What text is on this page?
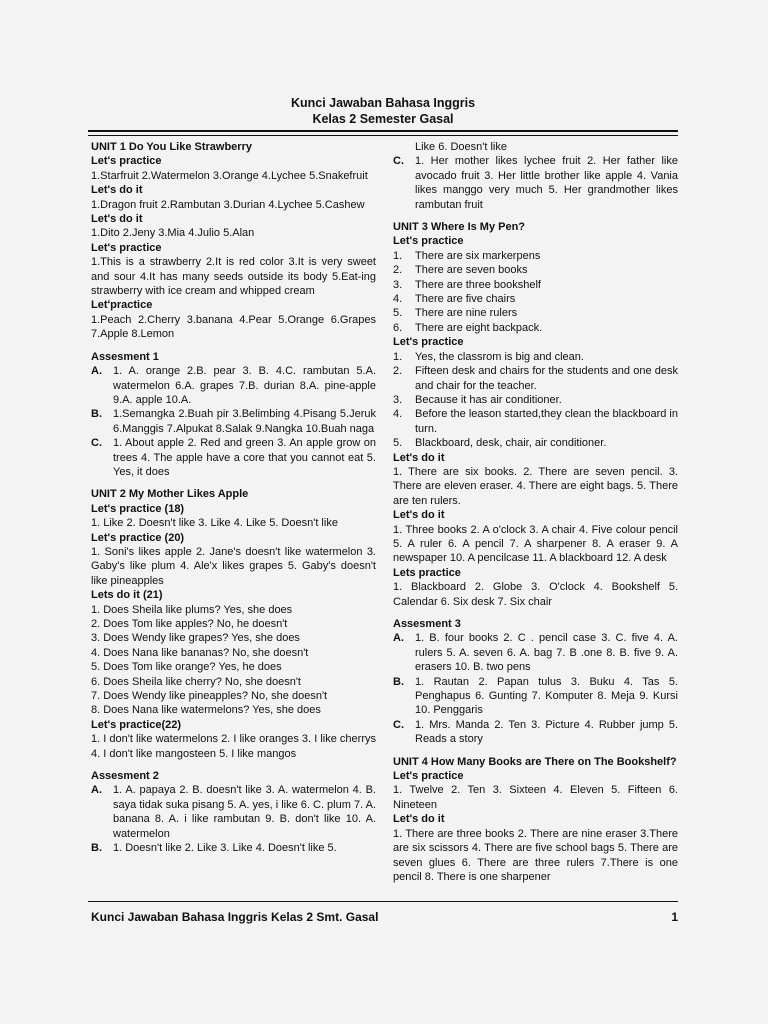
Kunci Jawaban Bahasa Inggris
Kelas 2 Semester Gasal
UNIT 1 Do You Like Strawberry
Let's practice
1.Starfruit 2.Watermelon 3.Orange 4.Lychee 5.Snakefruit
Let's do it
1.Dragon fruit 2.Rambutan 3.Durian 4.Lychee 5.Cashew
Let's do it
1.Dito 2.Jeny 3.Mia 4.Julio 5.Alan
Let's practice
1.This is a strawberry 2.It is red color 3.It is very sweet and sour 4.It has many seeds outside its body 5.Eat-ing strawberry with ice cream and whipped cream
Let'practice
1.Peach 2.Cherry 3.banana 4.Pear 5.Orange 6.Grapes 7.Apple 8.Lemon
Assesment 1
A.	1. A. orange 2.B. pear 3. B. 4.C. rambutan 5.A. watermelon 6.A. grapes 7.B. durian 8.A. pine-apple 9.A. apple 10.A.
B.	1.Semangka 2.Buah pir 3.Belimbing 4.Pisang 5.Jeruk 6.Manggis 7.Alpukat 8.Salak 9.Nangka 10.Buah naga
C.	1. About apple 2. Red and green 3. An apple grow on trees 4. The apple have a core that you cannot eat 5. Yes, it does
UNIT 2 My Mother Likes Apple
Let's practice (18)
1. Like 2. Doesn't like 3. Like 4. Like 5. Doesn't like
Let's practice (20)
1. Soni's likes apple 2. Jane's doesn't like watermelon 3. Gaby's like plum 4. Ale'x likes grapes 5. Gaby's doesn't like pineapples
Lets do it (21)
1. Does Sheila like plums? Yes, she does
2. Does Tom like apples? No, he doesn't
3. Does Wendy like grapes? Yes, she does
4. Does Nana like bananas? No, she doesn't
5. Does Tom like orange? Yes, he does
6. Does Sheila like cherry? No, she doesn't
7. Does Wendy like pineapples? No, she doesn't
8. Does Nana like watermelons? Yes, she does
Let's practice(22)
1. I don't like watermelons 2. I like oranges 3. I like cherrys 4. I don't like mangosteen 5. I like mangos
Assesment 2
A.	1. A. papaya 2. B. doesn't like 3. A. watermelon 4. B. saya tidak suka pisang 5. A. yes, i like 6. C. plum 7. A. banana 8. A. i like rambutan 9. B. don't like 10. A. watermelon
B.	1. Doesn't like 2. Like 3. Like 4. Doesn't like 5.
Like 6. Doesn't like
C.	1. Her mother likes lychee fruit 2. Her father like avocado fruit 3. Her little brother like apple 4. Vania likes manggo very much 5. Her grandmother likes rambutan fruit
UNIT 3 Where Is My Pen?
Let's practice
1.	There are six markerpens
2.	There are seven books
3.	There are three bookshelf
4.	There are five chairs
5.	There are nine rulers
6.	There are eight backpack.
Let's practice
1.	Yes, the classrom is big and clean.
2.	Fifteen desk and chairs for the students and one desk and chair for the teacher.
3.	Because it has air conditioner.
4.	Before the leason started,they clean the blackboard in turn.
5.	Blackboard, desk, chair, air conditioner.
Let's do it
1. There are six books. 2. There are seven pencil. 3. There are eleven eraser. 4. There are eight bags. 5. There are ten rulers.
Let's do it
1. Three books 2. A o'clock 3. A chair 4. Five colour pencil 5. A ruler 6. A pencil 7. A sharpener 8. A eraser 9. A newspaper 10. A pencilcase 11. A blackboard 12. A desk
Lets practice
1. Blackboard 2. Globe 3. O'clock 4. Bookshelf 5. Calendar 6. Six desk 7. Six chair
Assesment 3
A.	1. B. four books 2. C . pencil case 3. C. five 4. A. rulers 5. A. seven 6. A. bag 7. B .one 8. B. five 9. A. erasers 10. B. two pens
B.	1. Rautan 2. Papan tulus 3. Buku 4. Tas 5. Penghapus 6. Gunting 7. Komputer 8. Meja 9. Kursi 10. Penggaris
C.	1. Mrs. Manda 2. Ten 3. Picture 4. Rubber jump 5. Reads a story
UNIT 4 How Many Books are There on The Bookshelf?
Let's practice
1. Twelve 2. Ten 3. Sixteen 4. Eleven 5. Fifteen 6. Nineteen
Let's do it
1. There are three books 2. There are nine eraser 3.There are six scissors 4. There are five school bags 5. There are seven glues 6. There are three rulers 7.There is one pencil 8. There is one sharpener
Kunci Jawaban Bahasa Inggris Kelas 2 Smt. Gasal	1
